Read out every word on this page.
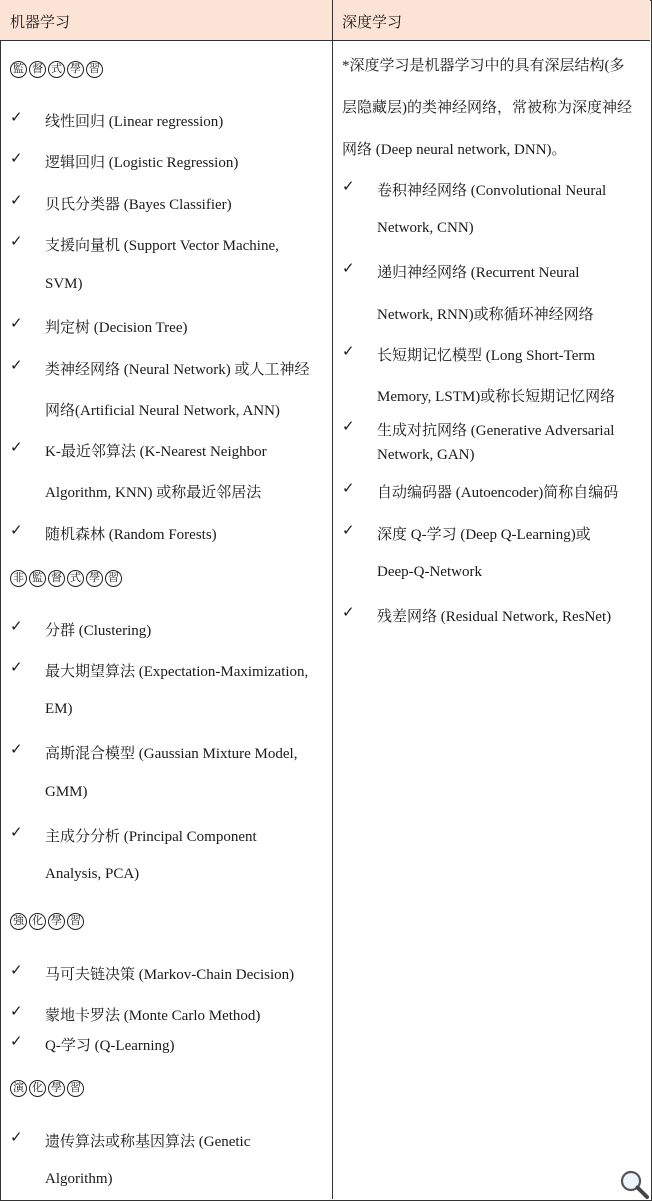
机器学习	深度学习
監 督 式 學 習
非 監 督 式 學 習
強 化 學 習
演 化 學 習
✓ 线性回归 (Linear regression)
✓ 逻辑回归 (Logistic Regression)
✓ 贝氏分类器 (Bayes Classifier)
✓ 支援向量机 (Support Vector Machine,
SVM)
✓ 判定树 (Decision Tree)
✓ 类神经网络 (Neural Network) 或人工神经
网络(Artificial Neural Network, ANN)
✓ K-最近邻算法 (K-Nearest Neighbor
Algorithm, KNN) 或称最近邻居法
✓ 随机森林 (Random Forests)
✓ 分群 (Clustering)
✓ 最大期望算法 (Expectation-Maximization,
EM)
✓ 高斯混合模型 (Gaussian Mixture Model,
GMM)
✓ 主成分分析 (Principal Component
Analysis, PCA)
✓ 马可夫链决策 (Markov-Chain Decision)
✓ 蒙地卡罗法 (Monte Carlo Method)
✓ Q-学习 (Q-Learning)
✓ 遗传算法或称基因算法 (Genetic
Algorithm)
*深度学习是机器学习中的具有深层结构(多
层隐藏层)的类神经网络，常被称为深度神经
网络 (Deep neural network, DNN)。
✓ 卷积神经网络 (Convolutional Neural
Network, CNN)
✓ 递归神经网络 (Recurrent Neural
Network, RNN)或称循环神经网络
✓ 长短期记忆模型 (Long Short-Term
Memory, LSTM)或称长短期记忆网络
✓ 生成对抗网络 (Generative Adversarial
Network, GAN)
✓ 自动编码器 (Autoencoder)简称自编码
✓ 深度 Q-学习 (Deep Q-Learning)或
Deep-Q-Network
✓ 残差网络 (Residual Network, ResNet)
